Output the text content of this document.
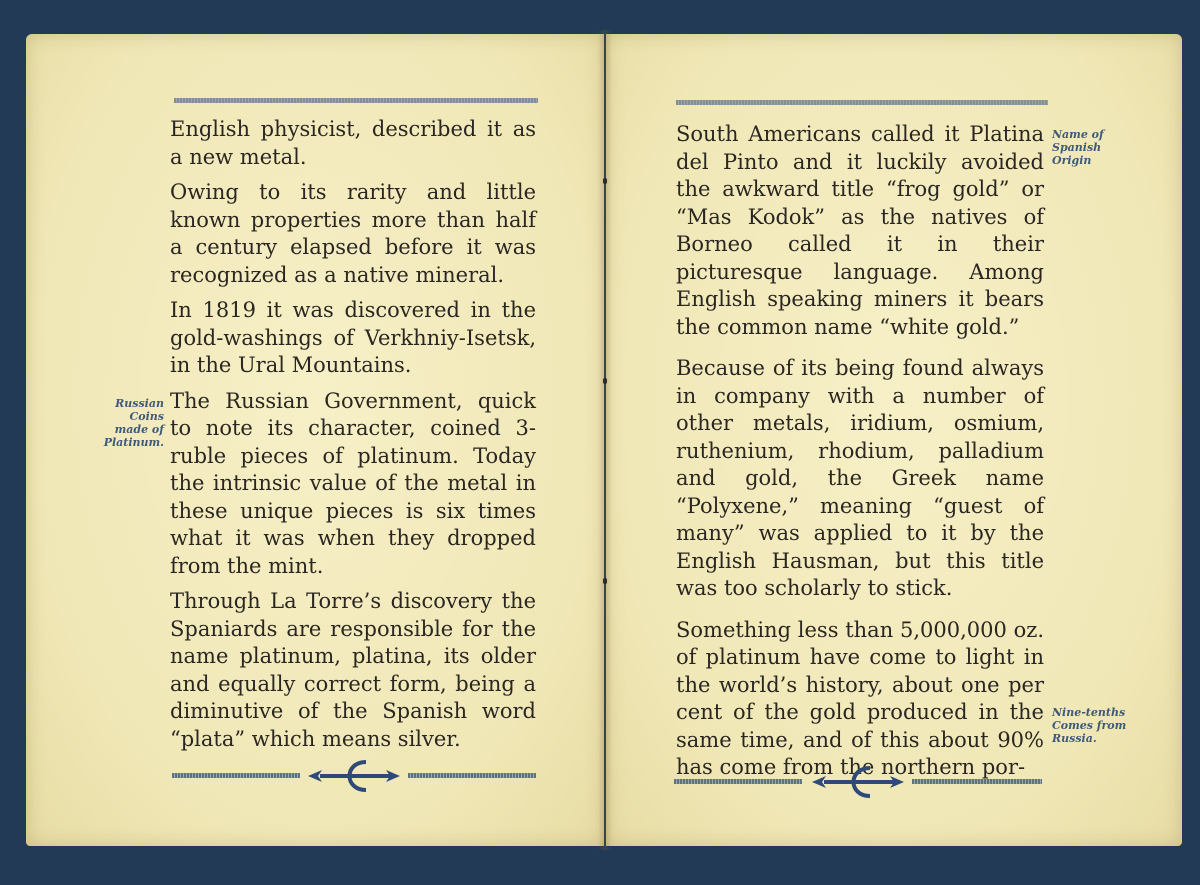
English physicist, described it as a new metal.

Owing to its rarity and little known properties more than half a century elapsed before it was recognized as a native mineral.

In 1819 it was discovered in the gold-washings of Verkhniy-Isetsk, in the Ural Mountains.

The Russian Government, quick to note its character, coined 3-ruble pieces of platinum. Today the intrinsic value of the metal in these unique pieces is six times what it was when they dropped from the mint.

Through La Torre’s discovery the Spaniards are responsible for the name platinum, platina, its older and equally correct form, being a diminutive of the Spanish word “plata” which means silver.

Russian
Coins
made of
Platinum.

South Americans called it Platina del Pinto and it luckily avoided the awkward title “frog gold” or “Mas Kodok” as the natives of Borneo called it in their picturesque language. Among English speaking miners it bears the common name “white gold.”

Because of its being found always in company with a number of other metals, iridium, osmium, ruthenium, rhodium, palladium and gold, the Greek name “Polyxene,” meaning “guest of many” was applied to it by the English Hausman, but this title was too scholarly to stick.

Something less than 5,000,000 oz. of platinum have come to light in the world’s history, about one per cent of the gold produced in the same time, and of this about 90% has come from the northern por-

Name of
Spanish
Origin
Nine-tenths
Comes from
Russia.
